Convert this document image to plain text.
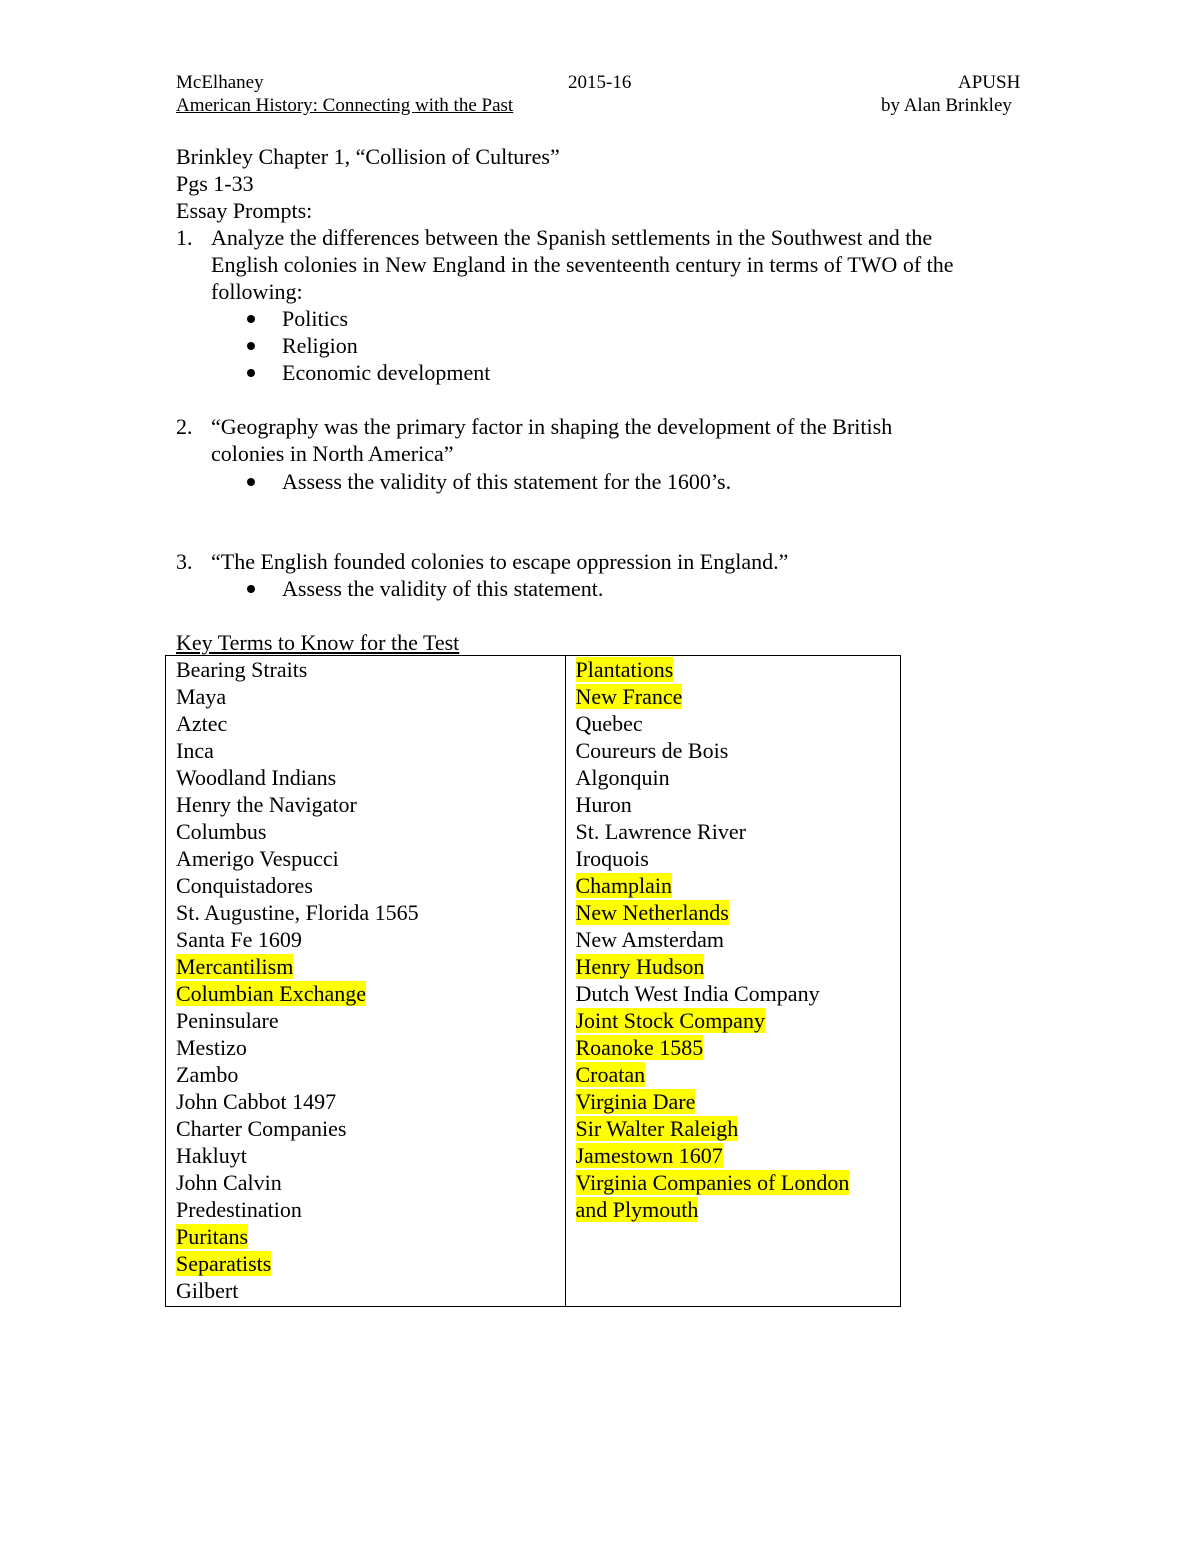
McElhaney	2015-16	APUSH
American History: Connecting with the Past	by Alan Brinkley
Brinkley Chapter 1, “Collision of Cultures”
Pgs 1-33
Essay Prompts:
1. Analyze the differences between the Spanish settlements in the Southwest and the
English colonies in New England in the seventeenth century in terms of TWO of the
following:
Politics
Religion
Economic development
2. “Geography was the primary factor in shaping the development of the British
colonies in North America”
Assess the validity of this statement for the 1600’s.
3. “The English founded colonies to escape oppression in England.”
Assess the validity of this statement.
Key Terms to Know for the Test
Bearing Straits
Maya
Aztec
Inca
Woodland Indians
Henry the Navigator
Columbus
Amerigo Vespucci
Conquistadores
St. Augustine, Florida 1565
Santa Fe 1609
Mercantilism
Columbian Exchange
Peninsulare
Mestizo
Zambo
John Cabbot 1497
Charter Companies
Hakluyt
John Calvin
Predestination
Puritans
Separatists
Gilbert

Plantations
New France
Quebec
Coureurs de Bois
Algonquin
Huron
St. Lawrence River
Iroquois
Champlain
New Netherlands
New Amsterdam
Henry Hudson
Dutch West India Company
Joint Stock Company
Roanoke 1585
Croatan
Virginia Dare
Sir Walter Raleigh
Jamestown 1607
Virginia Companies of London
and Plymouth
